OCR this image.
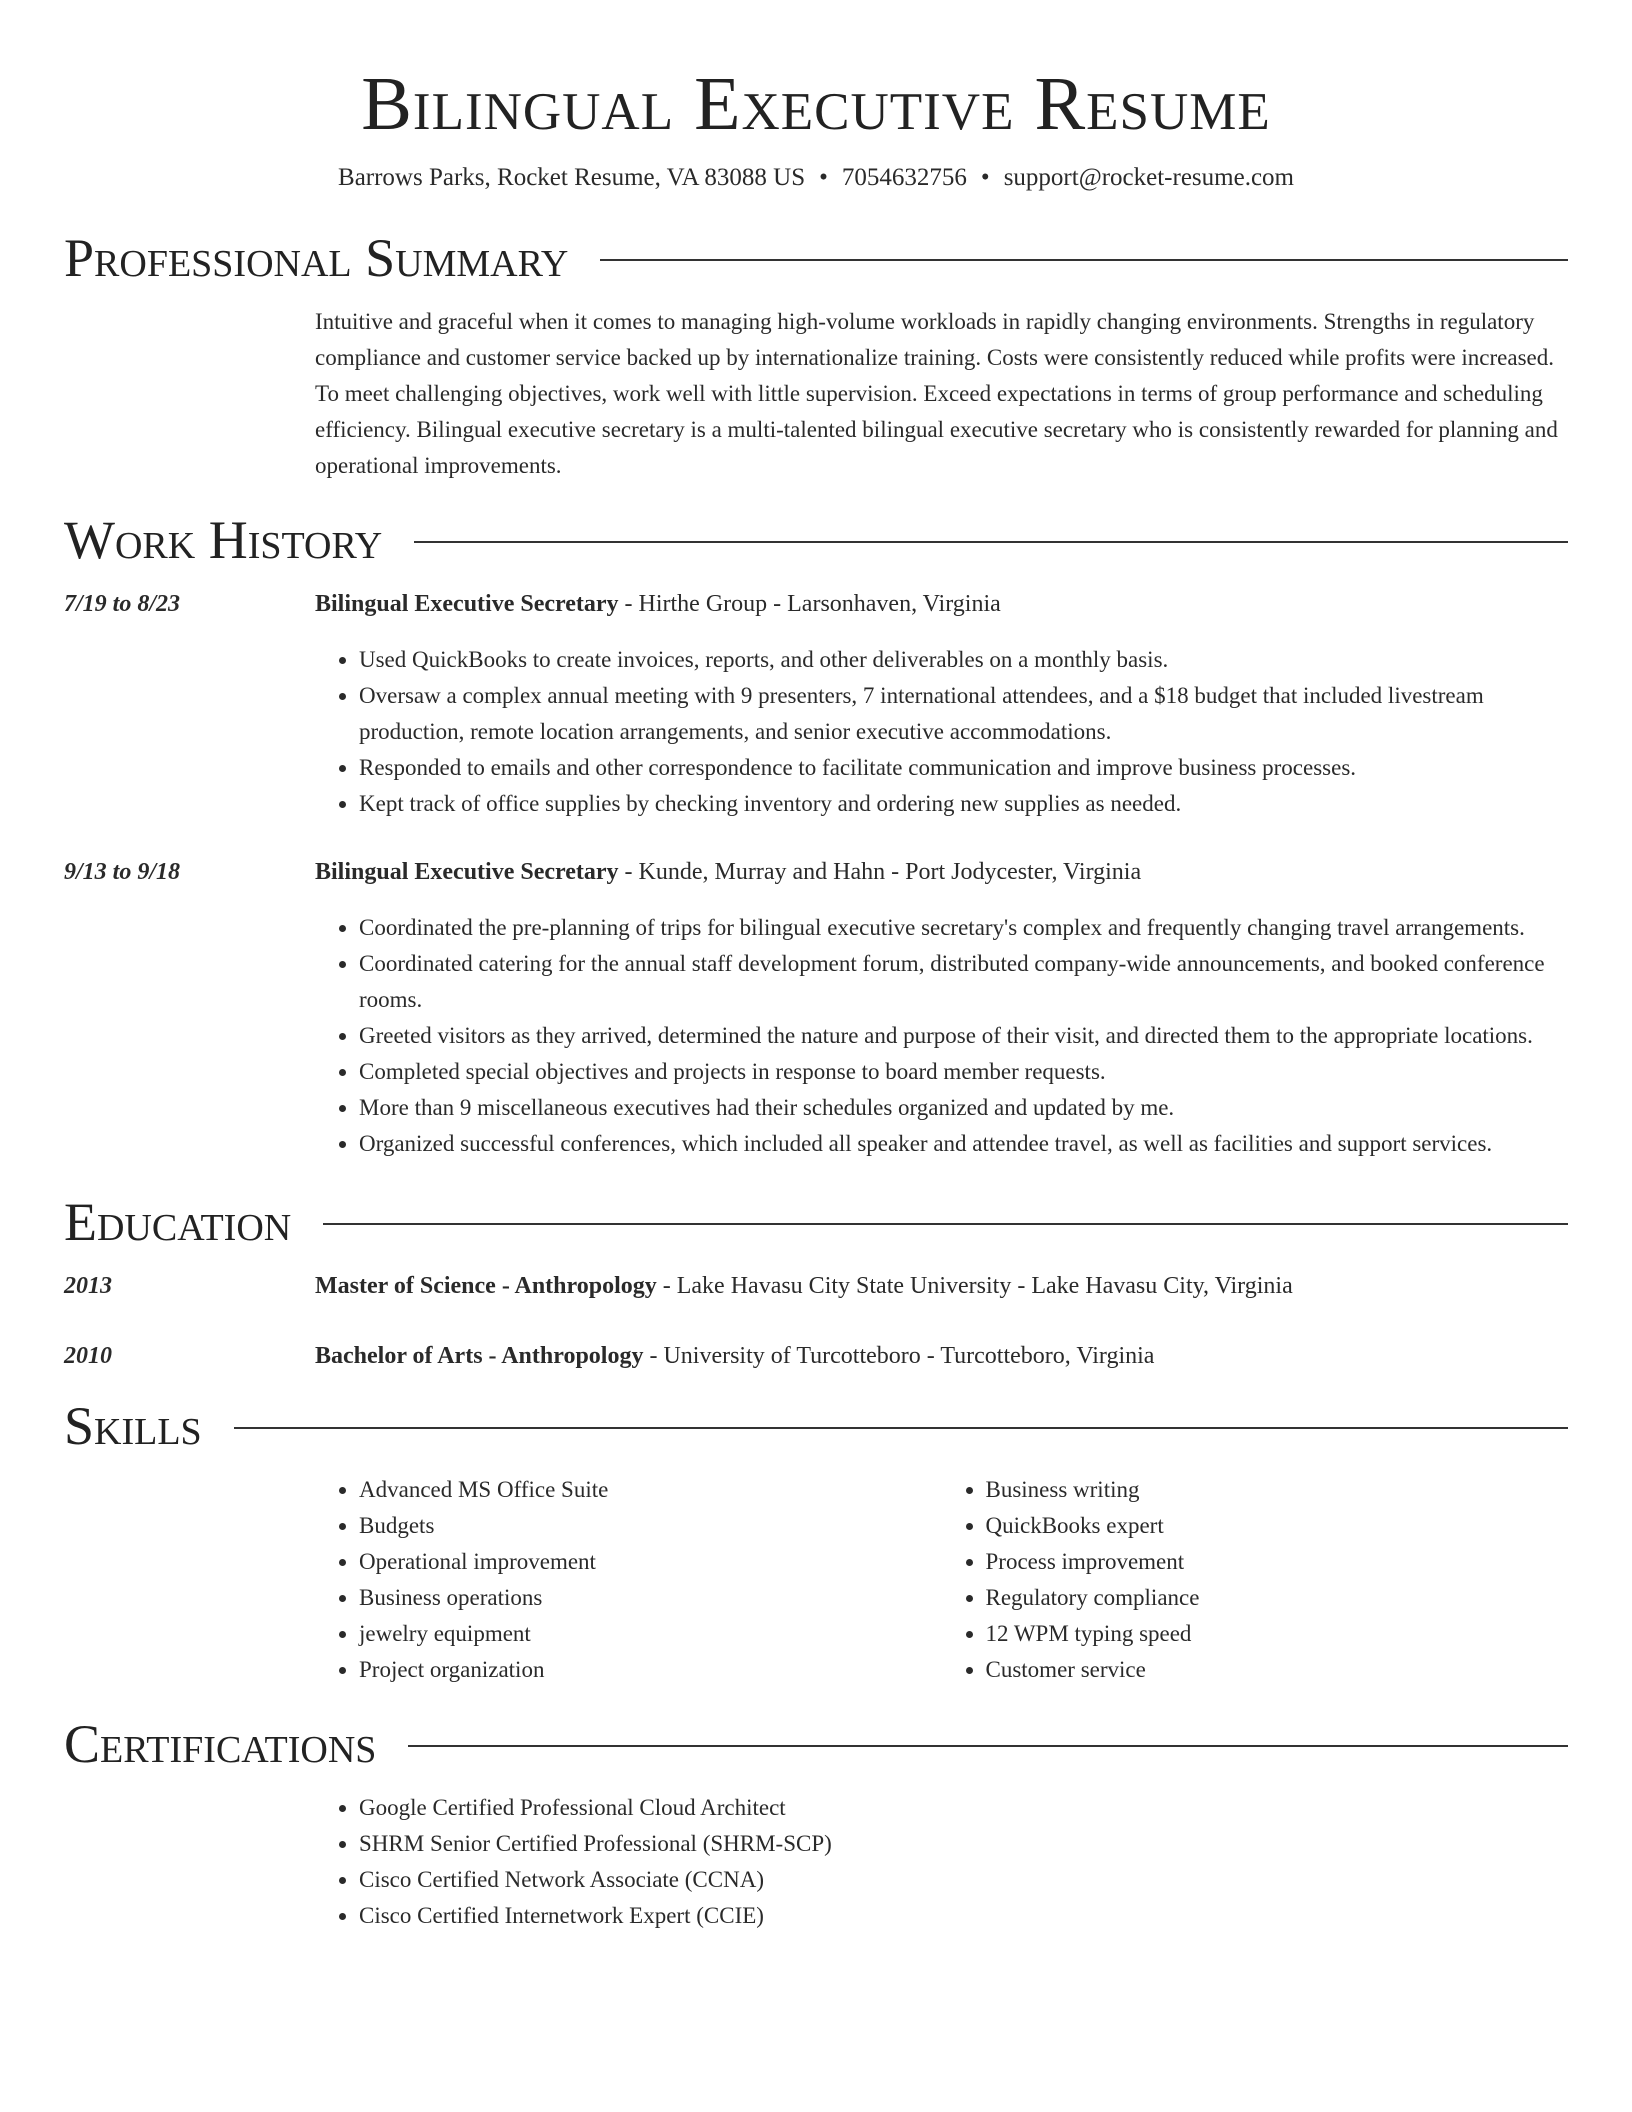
Bilingual Executive Resume
Barrows Parks, Rocket Resume, VA 83088 US • 7054632756 • support@rocket-resume.com
Professional Summary
Intuitive and graceful when it comes to managing high-volume workloads in rapidly changing environments. Strengths in regulatory compliance and customer service backed up by internationalize training. Costs were consistently reduced while profits were increased. To meet challenging objectives, work well with little supervision. Exceed expectations in terms of group performance and scheduling efficiency. Bilingual executive secretary is a multi-talented bilingual executive secretary who is consistently rewarded for planning and operational improvements.
Work History
7/19 to 8/23	Bilingual Executive Secretary - Hirthe Group - Larsonhaven, Virginia
• Used QuickBooks to create invoices, reports, and other deliverables on a monthly basis.
• Oversaw a complex annual meeting with 9 presenters, 7 international attendees, and a $18 budget that included livestream production, remote location arrangements, and senior executive accommodations.
• Responded to emails and other correspondence to facilitate communication and improve business processes.
• Kept track of office supplies by checking inventory and ordering new supplies as needed.
9/13 to 9/18	Bilingual Executive Secretary - Kunde, Murray and Hahn - Port Jodycester, Virginia
• Coordinated the pre-planning of trips for bilingual executive secretary's complex and frequently changing travel arrangements.
• Coordinated catering for the annual staff development forum, distributed company-wide announcements, and booked conference rooms.
• Greeted visitors as they arrived, determined the nature and purpose of their visit, and directed them to the appropriate locations.
• Completed special objectives and projects in response to board member requests.
• More than 9 miscellaneous executives had their schedules organized and updated by me.
• Organized successful conferences, which included all speaker and attendee travel, as well as facilities and support services.
Education
2013	Master of Science - Anthropology - Lake Havasu City State University - Lake Havasu City, Virginia
2010	Bachelor of Arts - Anthropology - University of Turcotteboro - Turcotteboro, Virginia
Skills
• Advanced MS Office Suite
• Budgets
• Operational improvement
• Business operations
• jewelry equipment
• Project organization
• Business writing
• QuickBooks expert
• Process improvement
• Regulatory compliance
• 12 WPM typing speed
• Customer service
Certifications
• Google Certified Professional Cloud Architect
• SHRM Senior Certified Professional (SHRM-SCP)
• Cisco Certified Network Associate (CCNA)
• Cisco Certified Internetwork Expert (CCIE)
